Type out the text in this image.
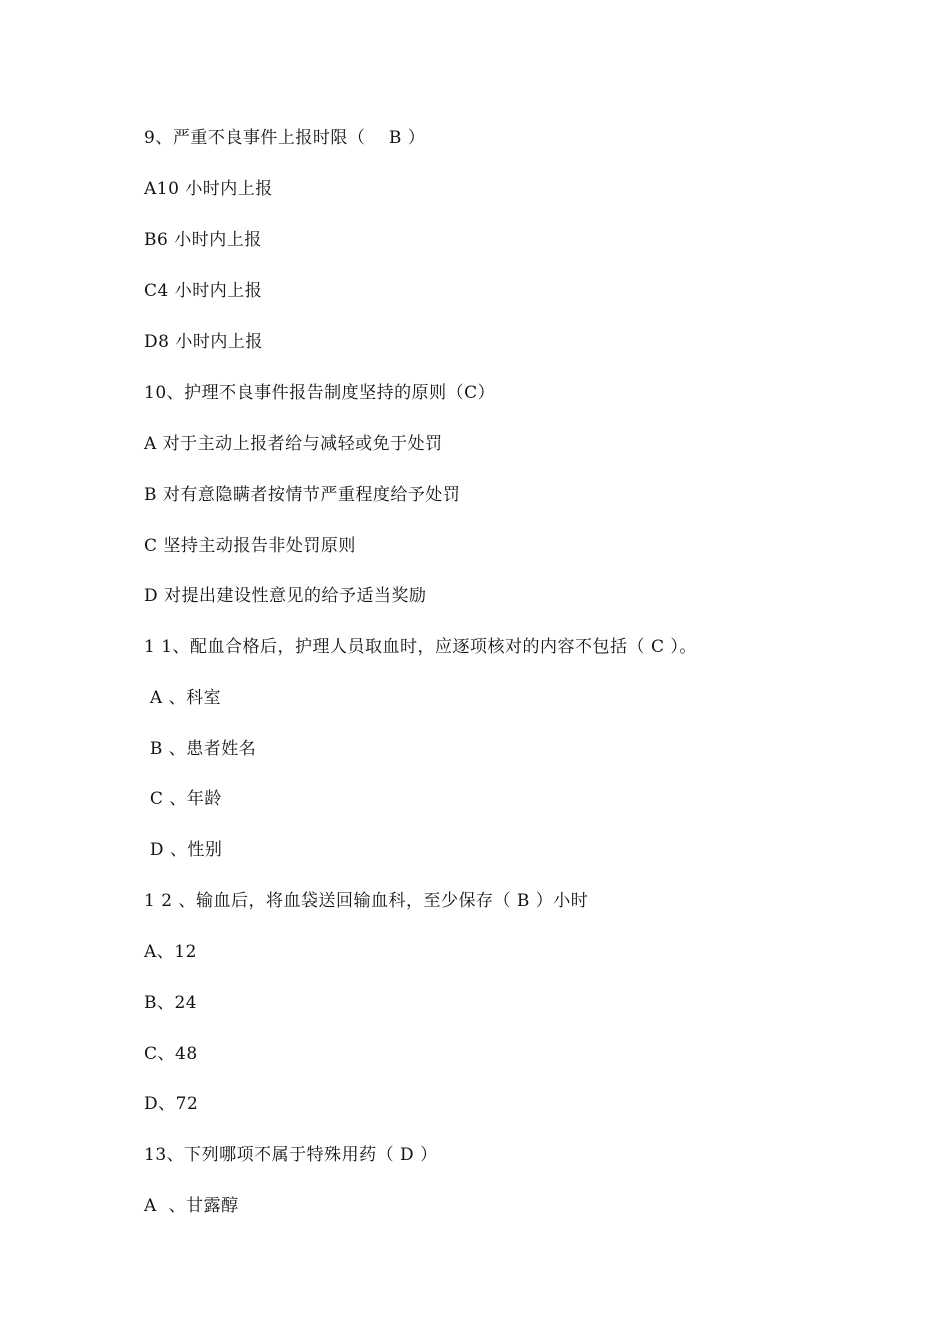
9、严重不良事件上报时限（    B ）
A10 小时内上报
B6 小时内上报
C4 小时内上报
D8 小时内上报
10、护理不良事件报告制度坚持的原则（C）
A 对于主动上报者给与减轻或免于处罚
B 对有意隐瞒者按情节严重程度给予处罚
C 坚持主动报告非处罚原则
D 对提出建设性意见的给予适当奖励
1 1、配血合格后，护理人员取血时，应逐项核对的内容不包括（ C ）。
A 、科室
B 、患者姓名
C 、年龄
D 、性别
1 2 、输血后，将血袋送回输血科，至少保存（ B ）小时
A、12
B、24
C、48
D、72
13、下列哪项不属于特殊用药（ D ）
A  、甘露醇
